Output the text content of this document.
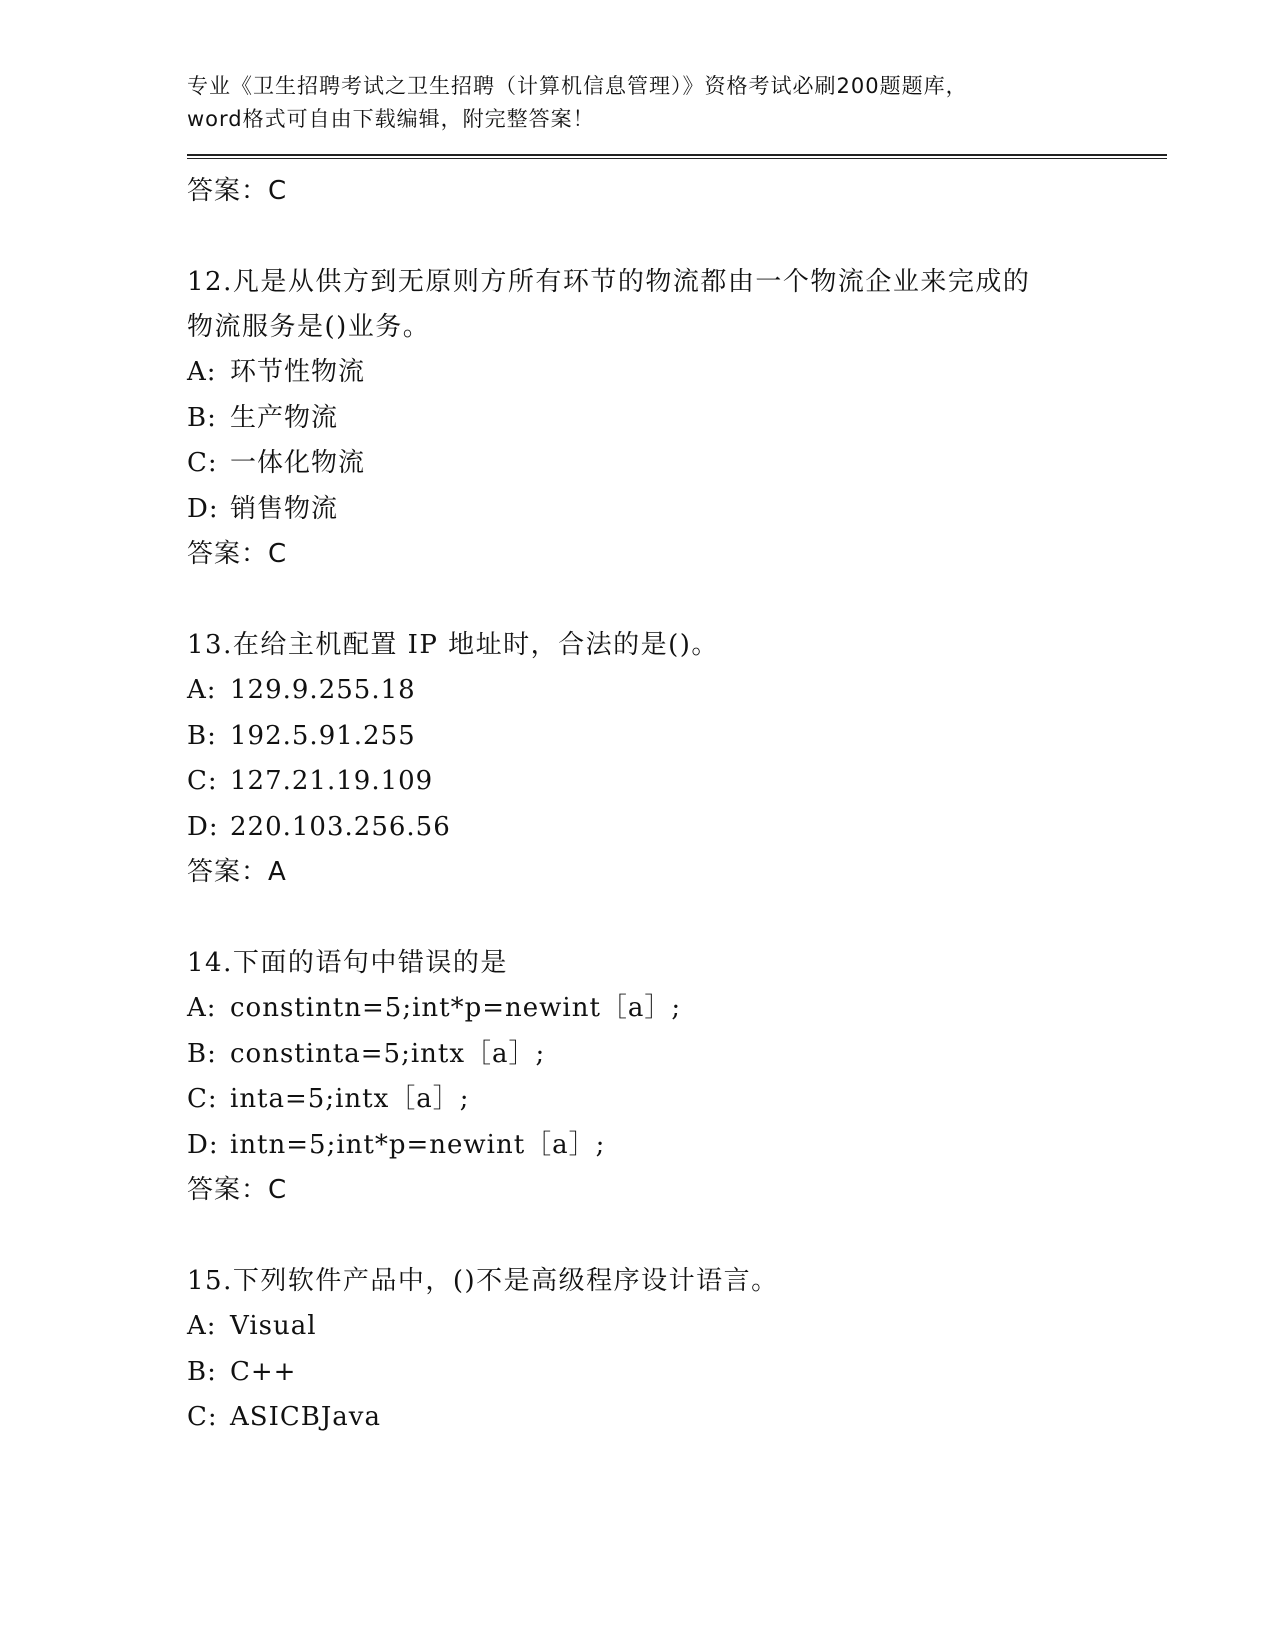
专业《卫生招聘考试之卫生招聘（计算机信息管理）》资格考试必刷200题题库，
word格式可自由下载编辑，附完整答案！
答案：C
12.凡是从供方到无原则方所有环节的物流都由一个物流企业来完成的
物流服务是()业务。
A: 环节性物流
B: 生产物流
C: 一体化物流
D: 销售物流
答案：C
13.在给主机配置 IP 地址时，合法的是()。
A: 129.9.255.18
B: 192.5.91.255
C: 127.21.19.109
D: 220.103.256.56
答案：A
14.下面的语句中错误的是
A: constintn=5;int*p=newint［a］;
B: constinta=5;intx［a］;
C: inta=5;intx［a］;
D: intn=5;int*p=newint［a］;
答案：C
15.下列软件产品中，()不是高级程序设计语言。
A: Visual
B: C++
C: ASICBJava
